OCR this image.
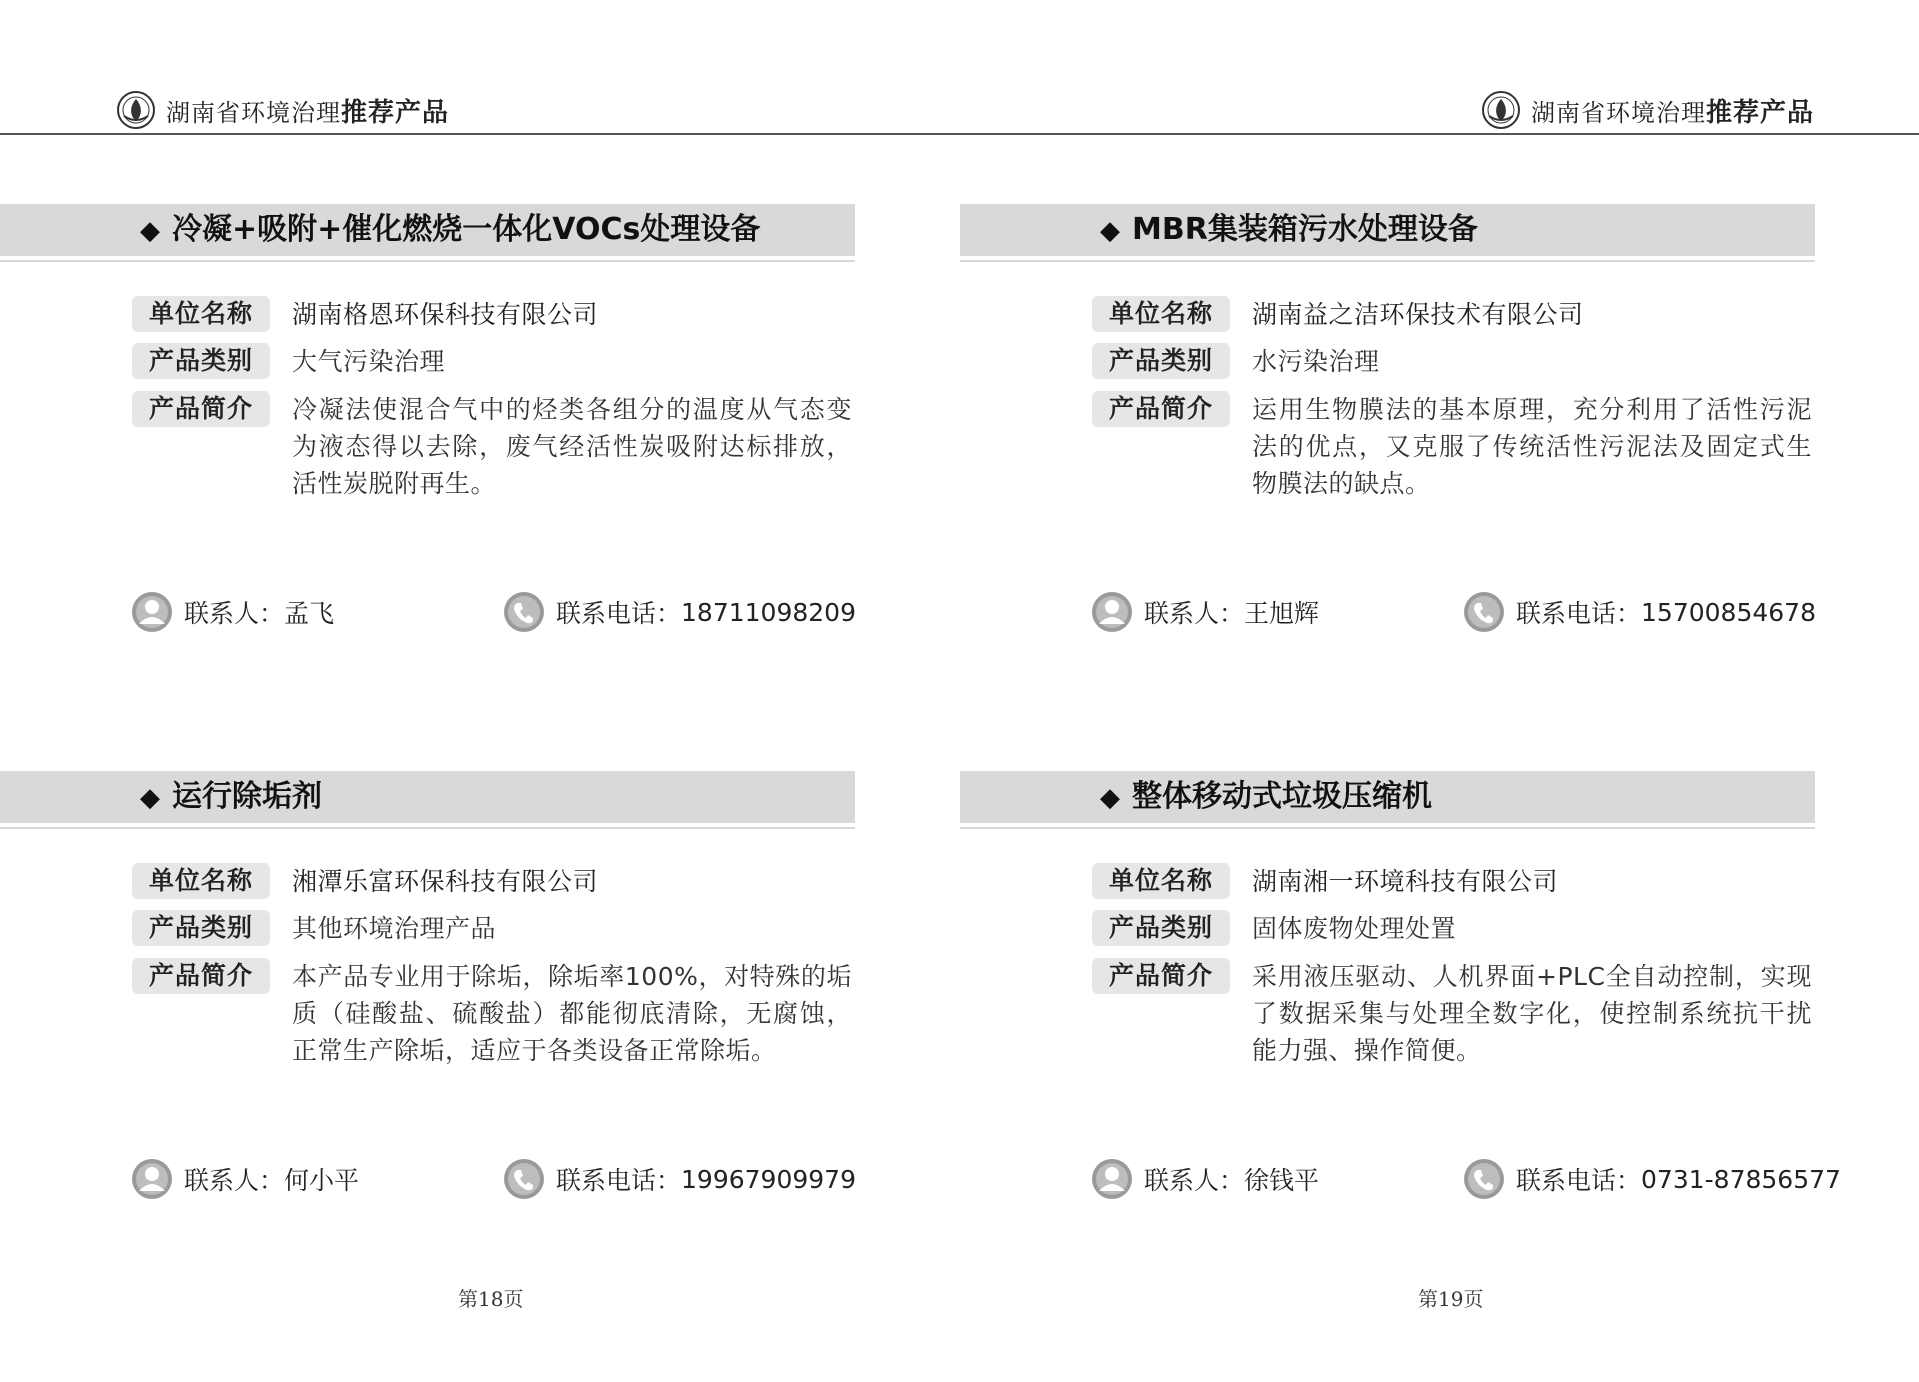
湖南省环境治理推荐产品	湖南省环境治理推荐产品
◆ 冷凝+吸附+催化燃烧一体化VOCs处理设备
单位名称	湖南格恩环保科技有限公司
产品类别	大气污染治理
产品简介	冷凝法使混合气中的烃类各组分的温度从气态变为液态得以去除，废气经活性炭吸附达标排放，活性炭脱附再生。
联系人： 孟飞	联系电话： 18711098209
◆ MBR集装箱污水处理设备
单位名称	湖南益之洁环保技术有限公司
产品类别	水污染治理
产品简介	运用生物膜法的基本原理，充分利用了活性污泥法的优点，又克服了传统活性污泥法及固定式生物膜法的缺点。
联系人： 王旭辉	联系电话： 15700854678
◆ 运行除垢剂
单位名称	湘潭乐富环保科技有限公司
产品类别	其他环境治理产品
产品简介	本产品专业用于除垢，除垢率100%，对特殊的垢质（硅酸盐、硫酸盐）都能彻底清除，无腐蚀，正常生产除垢，适应于各类设备正常除垢。
联系人： 何小平	联系电话： 19967909979
◆ 整体移动式垃圾压缩机
单位名称	湖南湘一环境科技有限公司
产品类别	固体废物处理处置
产品简介	采用液压驱动、人机界面+PLC全自动控制，实现了数据采集与处理全数字化，使控制系统抗干扰能力强、操作简便。
联系人： 徐钱平	联系电话： 0731-87856577
第18页	第19页
